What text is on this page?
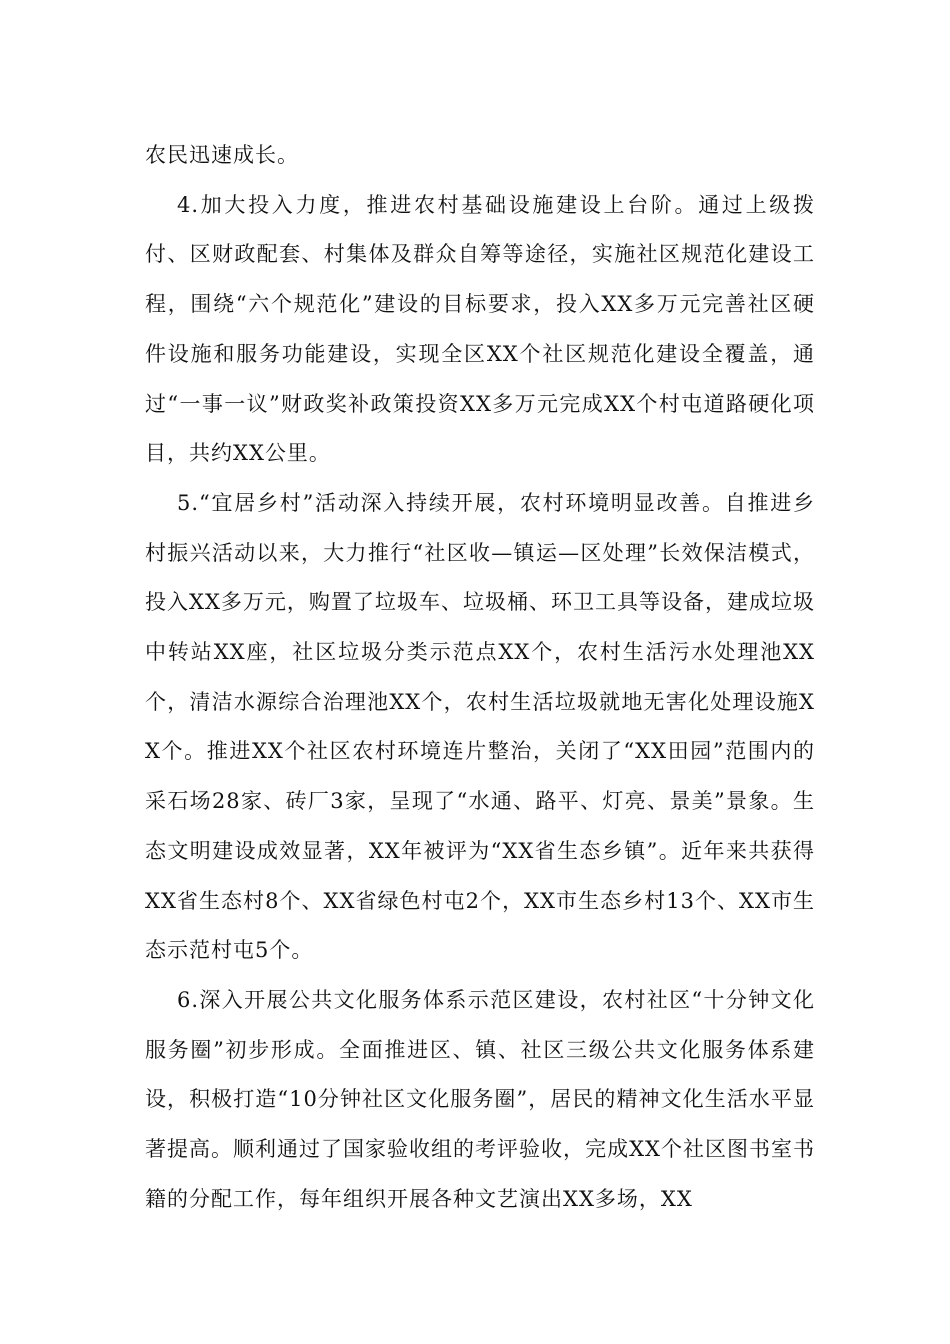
农民迅速成长。

4.加大投入力度，推进农村基础设施建设上台阶。通过上级拨付、区财政配套、村集体及群众自筹等途径，实施社区规范化建设工程，围绕“六个规范化”建设的目标要求，投入XX多万元完善社区硬件设施和服务功能建设，实现全区XX个社区规范化建设全覆盖，通过“一事一议”财政奖补政策投资XX多万元完成XX个村屯道路硬化项目，共约XX公里。

5.“宜居乡村”活动深入持续开展，农村环境明显改善。自推进乡村振兴活动以来，大力推行“社区收—镇运—区处理”长效保洁模式，投入XX多万元，购置了垃圾车、垃圾桶、环卫工具等设备，建成垃圾中转站XX座，社区垃圾分类示范点XX个，农村生活污水处理池XX个，清洁水源综合治理池XX个，农村生活垃圾就地无害化处理设施XX个。推进XX个社区农村环境连片整治，关闭了“XX田园”范围内的采石场28家、砖厂3家，呈现了“水通、路平、灯亮、景美”景象。生态文明建设成效显著，XX年被评为“XX省生态乡镇”。近年来共获得XX省生态村8个、XX省绿色村屯2个，XX市生态乡村13个、XX市生态示范村屯5个。

6.深入开展公共文化服务体系示范区建设，农村社区“十分钟文化服务圈”初步形成。全面推进区、镇、社区三级公共文化服务体系建设，积极打造“10分钟社区文化服务圈”，居民的精神文化生活水平显著提高。顺利通过了国家验收组的考评验收，完成XX个社区图书室书籍的分配工作，每年组织开展各种文艺演出XX多场，XX
